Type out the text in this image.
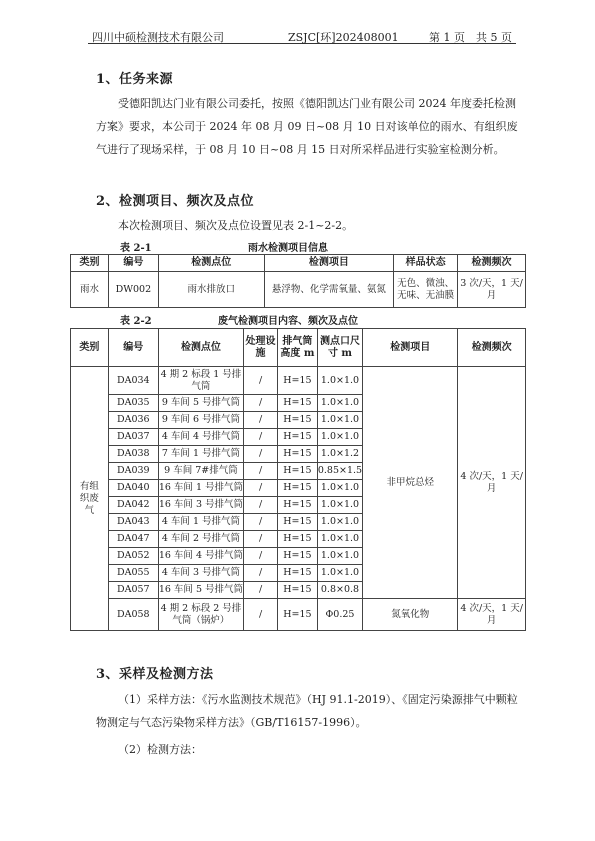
四川中硕检测技术有限公司	ZSJC[环]202408001	第 1 页　共 5 页
1、任务来源
受德阳凯达门业有限公司委托，按照《德阳凯达门业有限公司 2024 年度委托检测方案》要求，本公司于 2024 年 08 月 09 日~08 月 10 日对该单位的雨水、有组织废气进行了现场采样，于 08 月 10 日~08 月 15 日对所采样品进行实验室检测分析。
2、检测项目、频次及点位
本次检测项目、频次及点位设置见表 2-1~2-2。
表 2-1	雨水检测项目信息
类别	编号	检测点位	检测项目	样品状态	检测频次
雨水	DW002	雨水排放口	悬浮物、化学需氧量、氨氮	无色、微浊、无味、无油膜	3 次/天，1 天/月
表 2-2	废气检测项目内容、频次及点位
类别	编号	检测点位	处理设施	排气筒高度 m	测点口尺寸 m	检测项目	检测频次
有组织废气	DA034	4 期 2 标段 1 号排气筒	/	H=15	1.0×1.0	非甲烷总烃	4 次/天，1 天/月
	DA035	9 车间 5 号排气筒	/	H=15	1.0×1.0		
	DA036	9 车间 6 号排气筒	/	H=15	1.0×1.0		
	DA037	4 车间 4 号排气筒	/	H=15	1.0×1.0		
	DA038	7 车间 1 号排气筒	/	H=15	1.0×1.2		
	DA039	9 车间 7#排气筒	/	H=15	0.85×1.5		
	DA040	16 车间 1 号排气筒	/	H=15	1.0×1.0		
	DA042	16 车间 3 号排气筒	/	H=15	1.0×1.0		
	DA043	4 车间 1 号排气筒	/	H=15	1.0×1.0		
	DA047	4 车间 2 号排气筒	/	H=15	1.0×1.0		
	DA052	16 车间 4 号排气筒	/	H=15	1.0×1.0		
	DA055	4 车间 3 号排气筒	/	H=15	1.0×1.0		
	DA057	16 车间 5 号排气筒	/	H=15	0.8×0.8		
	DA058	4 期 2 标段 2 号排气筒（锅炉）	/	H=15	Φ0.25	氮氧化物	4 次/天，1 天/月
3、采样及检测方法
（1）采样方法：《污水监测技术规范》（HJ 91.1-2019）、《固定污染源排气中颗粒物测定与气态污染物采样方法》（GB/T16157-1996）。
（2）检测方法：
